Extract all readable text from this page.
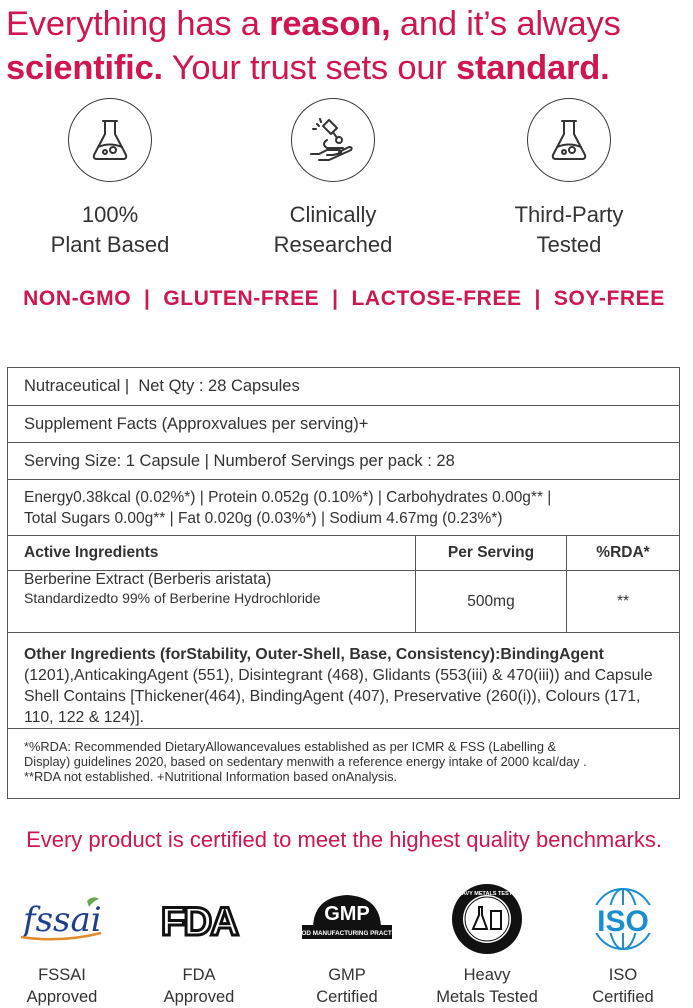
Everything has a reason, and it’s always
scientific. Your trust sets our standard.
100%
Plant Based
Clinically
Researched
Third-Party
Tested
NON-GMO  |  GLUTEN-FREE  |  LACTOSE-FREE  |  SOY-FREE
Nutraceutical |  Net Qty : 28 Capsules
Supplement Facts (Approxvalues per serving)+
Serving Size: 1 Capsule | Numberof Servings per pack : 28
Energy0.38kcal (0.02%*) | Protein 0.052g (0.10%*) | Carbohydrates 0.00g** |
Total Sugars 0.00g** | Fat 0.020g (0.03%*) | Sodium 4.67mg (0.23%*)
Active Ingredients	Per Serving	%RDA*
Berberine Extract (Berberis aristata)
Standardizedto 99% of Berberine Hydrochloride	500mg	**
Other Ingredients (forStability, Outer-Shell, Base, Consistency):BindingAgent (1201),AnticakingAgent (551), Disintegrant (468), Glidants (553(iii) & 470(iii)) and Capsule Shell Contains [Thickener(464), BindingAgent (407), Preservative (260(i)), Colours (171, 110, 122 & 124)].
*%RDA: Recommended DietaryAllowancevalues established as per ICMR & FSS (Labelling &
Display) guidelines 2020, based on sedentary menwith a reference energy intake of 2000 kcal/day .
**RDA not established. +Nutritional Information based onAnalysis.
Every product is certified to meet the highest quality benchmarks.
fssai
FSSAI
Approved
FDA
FDA
Approved
GMP
GOOD MANUFACTURING PRACTICE
GMP
Certified
HEAVY METALS TESTED
Heavy
Metals Tested
ISO
ISO
Certified
